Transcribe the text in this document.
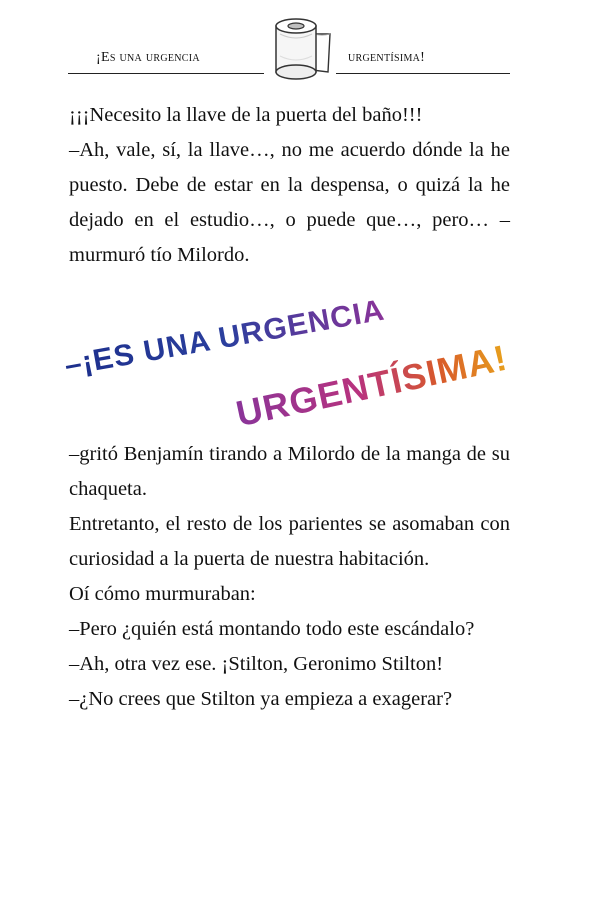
¡Es una urgencia	urgentísima!

¡¡¡Necesito la llave de la puerta del baño!!!

–Ah, vale, sí, la llave…, no me acuerdo dónde la he puesto. Debe de estar en la despensa, o quizá la he dejado en el estudio…, o puede que…, pero… –murmuró tío Milordo.

–¡ES UNA URGENCIA
URGENTÍSIMA!

–gritó Benjamín tirando a Milordo de la manga de su chaqueta.

Entretanto, el resto de los parientes se asomaban con curiosidad a la puerta de nuestra habitación.

Oí cómo murmuraban:

–Pero ¿quién está montando todo este escándalo?

–Ah, otra vez ese. ¡Stilton, Geronimo Stilton!

–¿No crees que Stilton ya empieza a exagerar?
